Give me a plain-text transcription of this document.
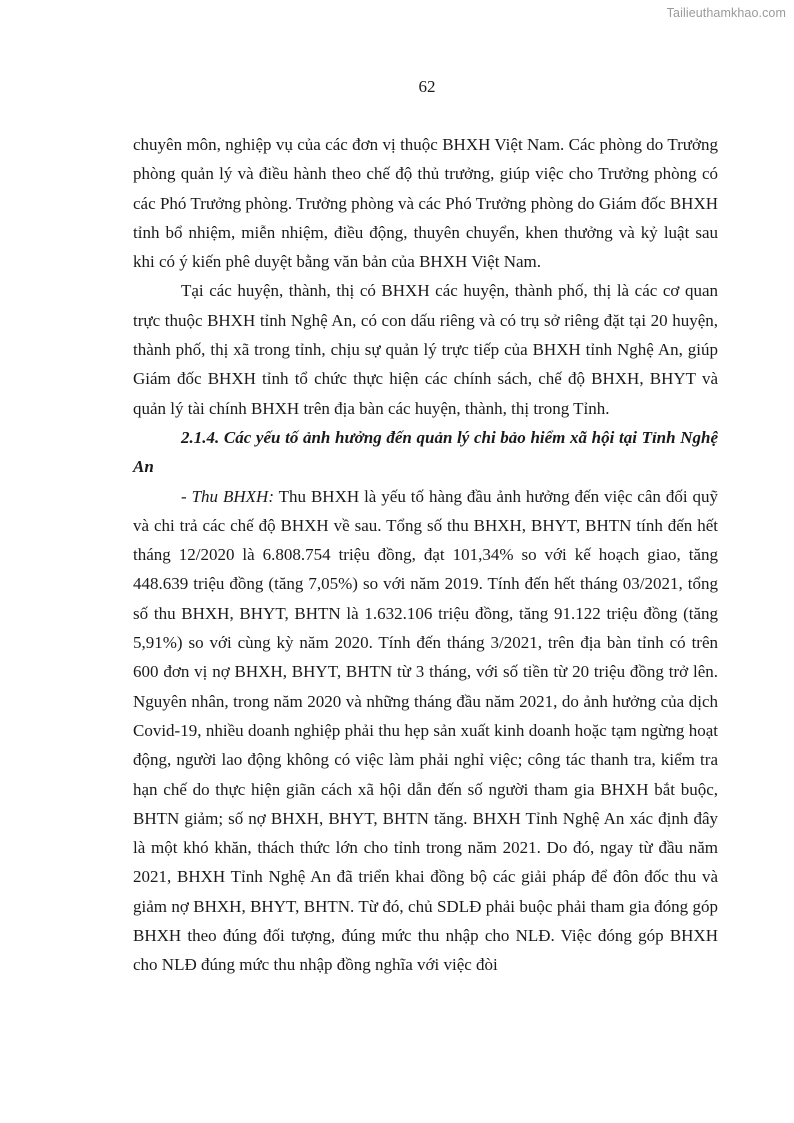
Tailieuthamkhao.com
62

chuyên môn, nghiệp vụ của các đơn vị thuộc BHXH Việt Nam. Các phòng do Trưởng phòng quản lý và điều hành theo chế độ thủ trưởng, giúp việc cho Trưởng phòng có các Phó Trưởng phòng. Trưởng phòng và các Phó Trưởng phòng do Giám đốc BHXH tỉnh bổ nhiệm, miễn nhiệm, điều động, thuyên chuyển, khen thưởng và kỷ luật sau khi có ý kiến phê duyệt bằng văn bản của BHXH Việt Nam.

Tại các huyện, thành, thị có BHXH các huyện, thành phố, thị là các cơ quan trực thuộc BHXH tỉnh Nghệ An, có con dấu riêng và có trụ sở riêng đặt tại 20 huyện, thành phố, thị xã trong tỉnh, chịu sự quản lý trực tiếp của BHXH tỉnh Nghệ An, giúp Giám đốc BHXH tỉnh tổ chức thực hiện các chính sách, chế độ BHXH, BHYT và quản lý tài chính BHXH trên địa bàn các huyện, thành, thị trong Tỉnh.

2.1.4. Các yếu tố ảnh hưởng đến quản lý chi bảo hiểm xã hội tại Tỉnh Nghệ An

- Thu BHXH: Thu BHXH là yếu tố hàng đầu ảnh hưởng đến việc cân đối quỹ và chi trả các chế độ BHXH về sau. Tổng số thu BHXH, BHYT, BHTN tính đến hết tháng 12/2020 là 6.808.754 triệu đồng, đạt 101,34% so với kế hoạch giao, tăng 448.639 triệu đồng (tăng 7,05%) so với năm 2019. Tính đến hết tháng 03/2021, tổng số thu BHXH, BHYT, BHTN là 1.632.106 triệu đồng, tăng 91.122 triệu đồng (tăng 5,91%) so với cùng kỳ năm 2020. Tính đến tháng 3/2021, trên địa bàn tỉnh có trên 600 đơn vị nợ BHXH, BHYT, BHTN từ 3 tháng, với số tiền từ 20 triệu đồng trở lên. Nguyên nhân, trong năm 2020 và những tháng đầu năm 2021, do ảnh hưởng của dịch Covid-19, nhiều doanh nghiệp phải thu hẹp sản xuất kinh doanh hoặc tạm ngừng hoạt động, người lao động không có việc làm phải nghỉ việc; công tác thanh tra, kiểm tra hạn chế do thực hiện giãn cách xã hội dẫn đến số người tham gia BHXH bắt buộc, BHTN giảm; số nợ BHXH, BHYT, BHTN tăng. BHXH Tỉnh Nghệ An xác định đây là một khó khăn, thách thức lớn cho tỉnh trong năm 2021. Do đó, ngay từ đầu năm 2021, BHXH Tỉnh Nghệ An đã triển khai đồng bộ các giải pháp để đôn đốc thu và giảm nợ BHXH, BHYT, BHTN. Từ đó, chủ SDLĐ phải buộc phải tham gia đóng góp BHXH theo đúng đối tượng, đúng mức thu nhập cho NLĐ. Việc đóng góp BHXH cho NLĐ đúng mức thu nhập đồng nghĩa với việc đòi
